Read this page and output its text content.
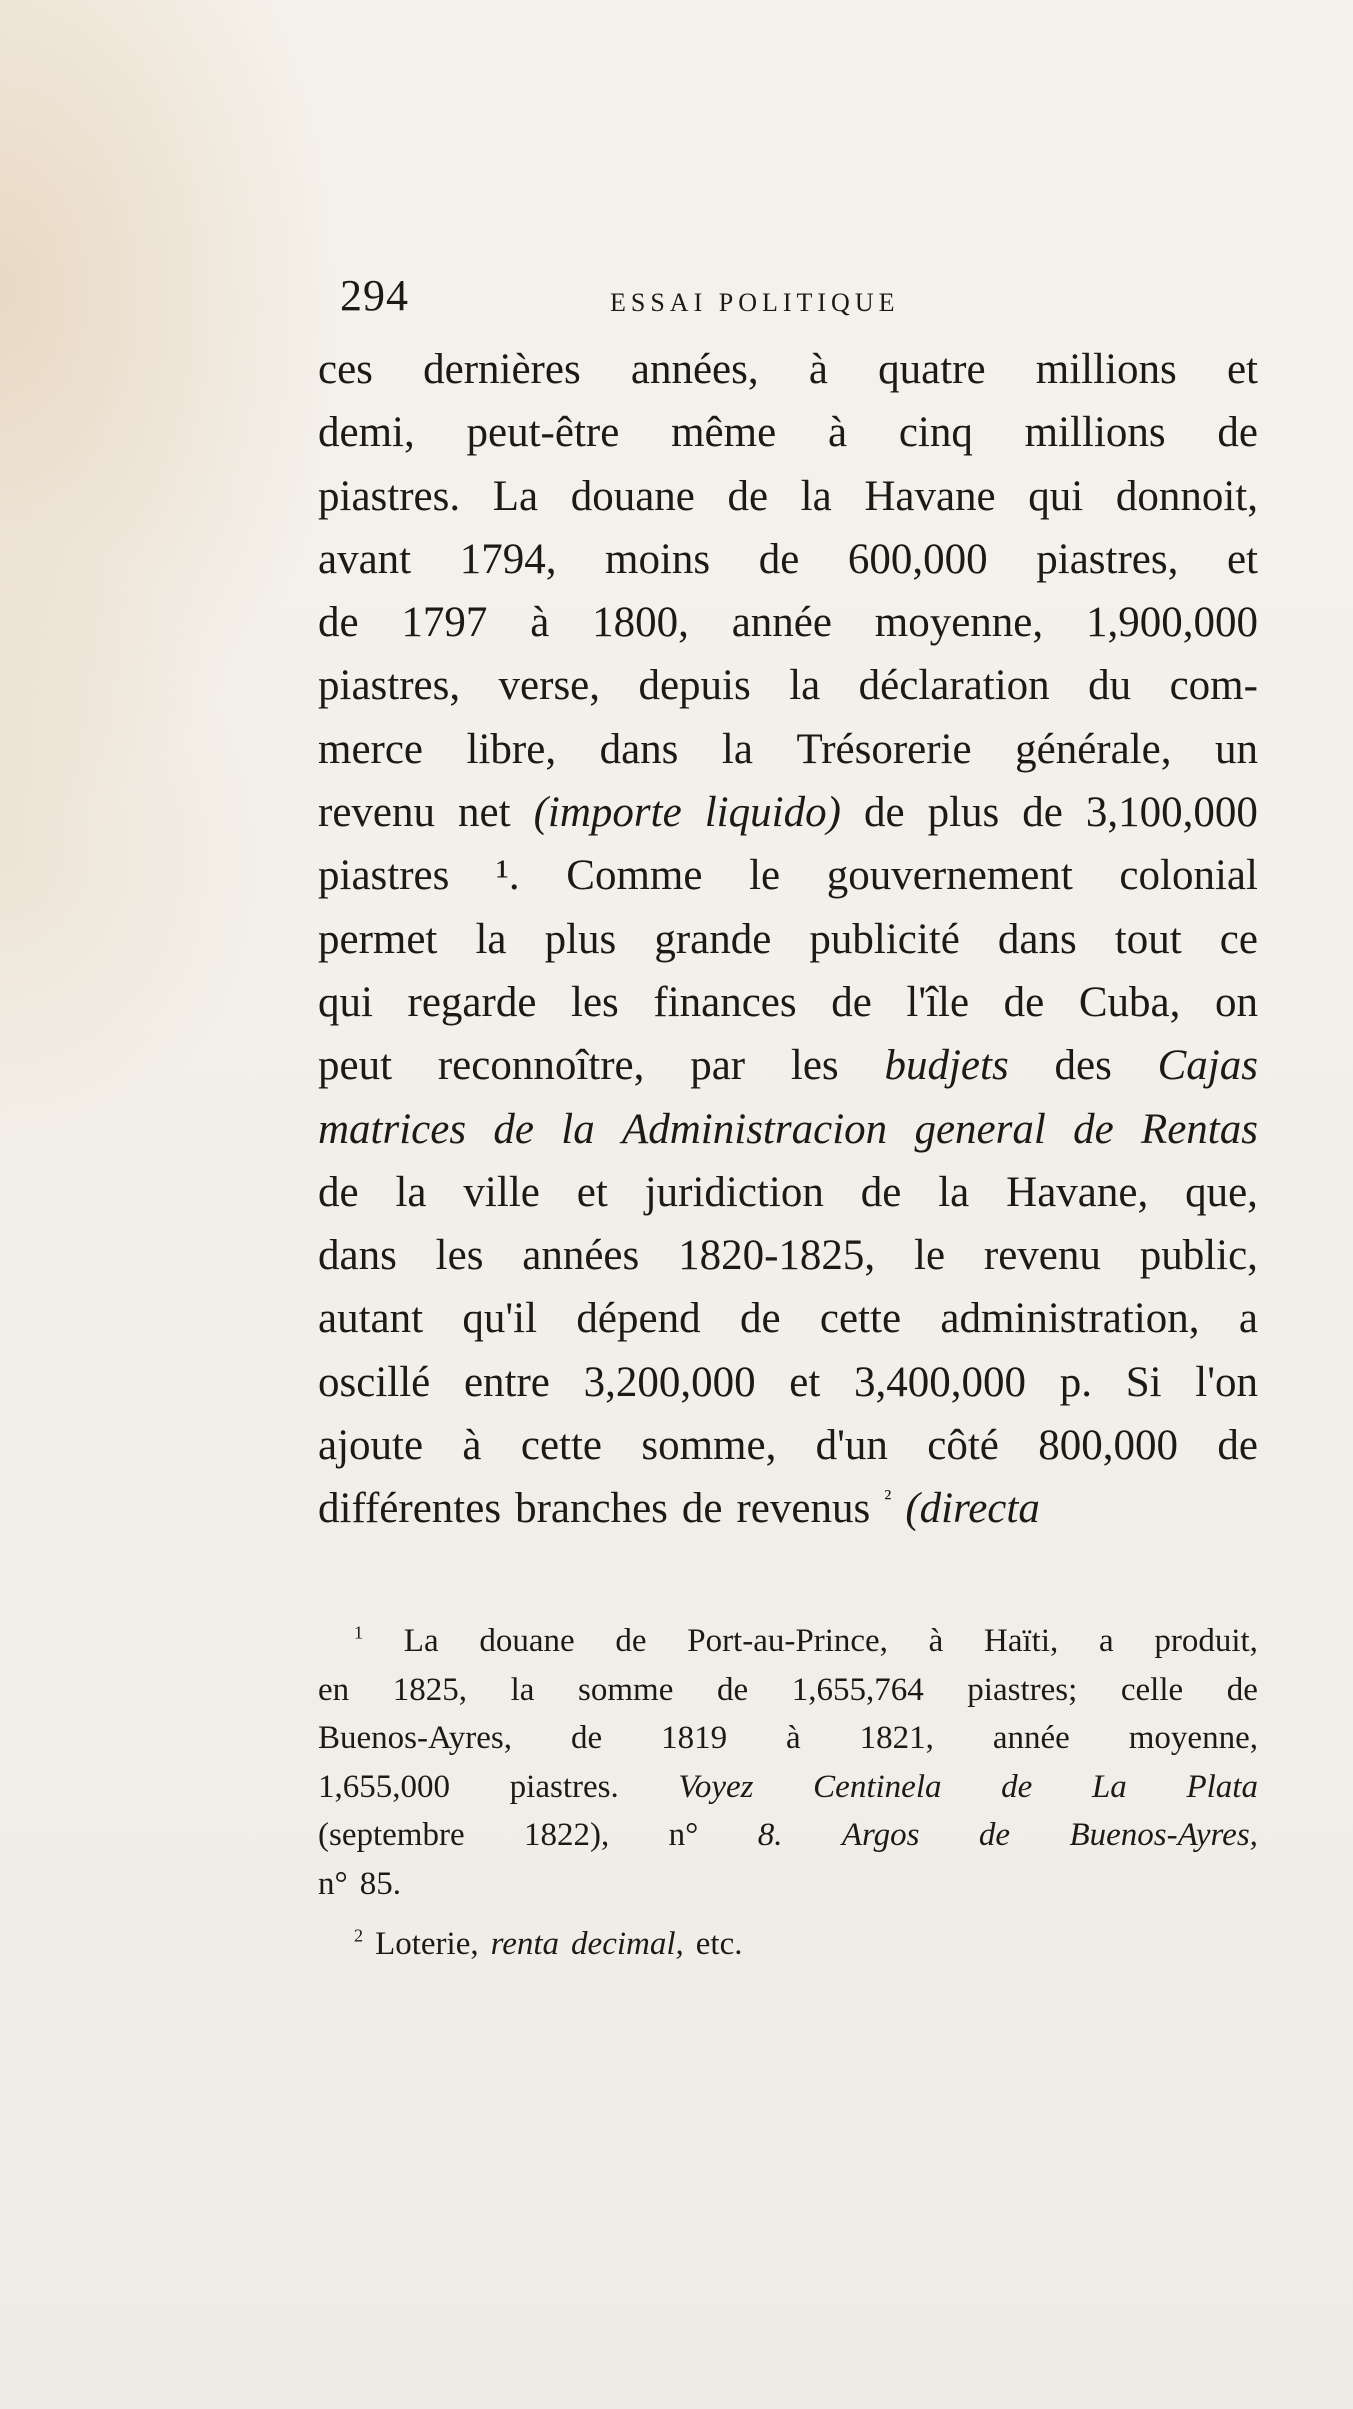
294	ESSAI POLITIQUE
ces dernières années, à quatre millions et
demi, peut-être même à cinq millions de
piastres. La douane de la Havane qui donnoit,
avant 1794, moins de 600,000 piastres, et
de 1797 à 1800, année moyenne, 1,900,000
piastres, verse, depuis la déclaration du com-
merce libre, dans la Trésorerie générale, un
revenu net (importe liquido) de plus de 3,100,000
piastres ¹. Comme le gouvernement colonial
permet la plus grande publicité dans tout ce
qui regarde les finances de l'île de Cuba, on
peut reconnoître, par les budjets des Cajas
matrices de la Administracion general de Rentas
de la ville et juridiction de la Havane, que,
dans les années 1820-1825, le revenu public,
autant qu'il dépend de cette administration, a
oscillé entre 3,200,000 et 3,400,000 p. Si l'on
ajoute à cette somme, d'un côté 800,000 de
différentes branches de revenus $^{^2}$ (directa
$^1$ La douane de Port-au-Prince, à Haïti, a produit,
en 1825, la somme de 1,655,764 piastres; celle de
Buenos-Ayres, de 1819 à 1821, année moyenne,
1,655,000 piastres. Voyez Centinela de La Plata
(septembre 1822), n° 8. Argos de Buenos-Ayres,
n° 85.
$^2$ Loterie, renta decimal, etc.
